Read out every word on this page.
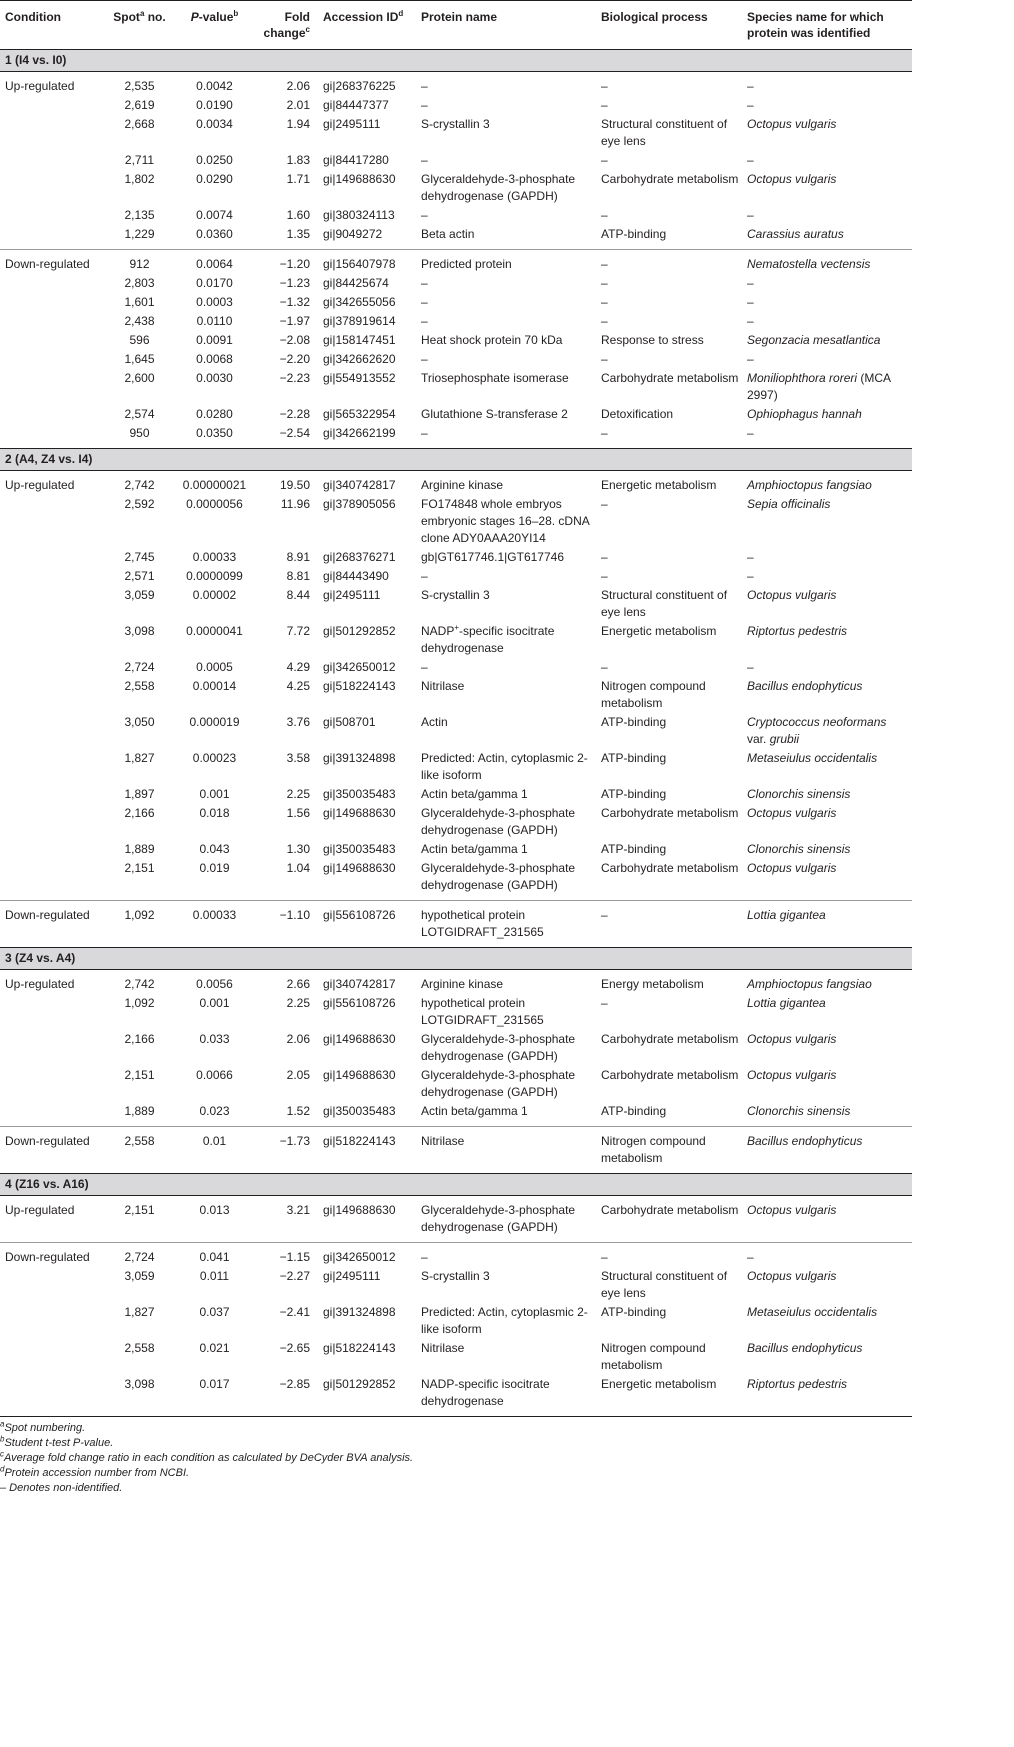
Condition	Spot$^a$ no.	P-value$^b$	Fold change$^c$	Accession $ID^d$	Protein name	Biological process	Species name for which protein was identified
1 (I4 vs. I0)							
Up-regulated	2,535	0.0042	2.06	gi|268376225	–	–	–
	2,619	0.0190	2.01	gi|84447377	–	–	–
	2,668	0.0034	1.94	gi|2495111	S-crystallin 3	Structural constituent of eye lens	Octopus vulgaris
	2,711	0.0250	1.83	gi|84417280	–	–	–
	1,802	0.0290	1.71	gi|149688630	Glyceraldehyde-3-phosphate dehydrogenase (GAPDH)	Carbohydrate metabolism	Octopus vulgaris
	2,135	0.0074	1.60	gi|380324113	–	–	–
	1,229	0.0360	1.35	gi|9049272	Beta actin	ATP-binding	Carassius auratus
Down-regulated	912	0.0064	−1.20	gi|156407978	Predicted protein	–	Nematostella vectensis
	2,803	0.0170	−1.23	gi|84425674	–	–	–
	1,601	0.0003	−1.32	gi|342655056	–	–	–
	2,438	0.0110	−1.97	gi|378919614	–	–	–
	596	0.0091	−2.08	gi|158147451	Heat shock protein 70 kDa	Response to stress	Segonzacia mesatlantica
	1,645	0.0068	−2.20	gi|342662620	–	–	–
	2,600	0.0030	−2.23	gi|554913552	Triosephosphate isomerase	Carbohydrate metabolism	Moniliophthora roreri (MCA 2997)
	2,574	0.0280	−2.28	gi|565322954	Glutathione S-transferase 2	Detoxification	Ophiophagus hannah
	950	0.0350	−2.54	gi|342662199	–	–	–
2 (A4, Z4 vs. I4)							
Up-regulated	2,742	0.00000021	19.50	gi|340742817	Arginine kinase	Energetic metabolism	Amphioctopus fangsiao
	2,592	0.0000056	11.96	gi|378905056	FO174848 whole embryos embryonic stages 16–28. cDNA clone ADY0AAA20YI14	–	Sepia officinalis
	2,745	0.00033	8.91	gi|268376271	gb|GT617746.1|GT617746	–	–
	2,571	0.0000099	8.81	gi|84443490	–	–	–
	3,059	0.00002	8.44	gi|2495111	S-crystallin 3	Structural constituent of eye lens	Octopus vulgaris
	3,098	0.0000041	7.72	gi|501292852	NADP+-specific isocitrate dehydrogenase	Energetic metabolism	Riptortus pedestris
	2,724	0.0005	4.29	gi|342650012	–	–	–
	2,558	0.00014	4.25	gi|518224143	Nitrilase	Nitrogen compound metabolism	Bacillus endophyticus
	3,050	0.000019	3.76	gi|508701	Actin	ATP-binding	Cryptococcus neoformans var. grubii
	1,827	0.00023	3.58	gi|391324898	Predicted: Actin, cytoplasmic 2-like isoform	ATP-binding	Metaseiulus occidentalis
	1,897	0.001	2.25	gi|350035483	Actin beta/gamma 1	ATP-binding	Clonorchis sinensis
	2,166	0.018	1.56	gi|149688630	Glyceraldehyde-3-phosphate dehydrogenase (GAPDH)	Carbohydrate metabolism	Octopus vulgaris
	1,889	0.043	1.30	gi|350035483	Actin beta/gamma 1	ATP-binding	Clonorchis sinensis
	2,151	0.019	1.04	gi|149688630	Glyceraldehyde-3-phosphate dehydrogenase (GAPDH)	Carbohydrate metabolism	Octopus vulgaris
Down-regulated	1,092	0.00033	−1.10	gi|556108726	hypothetical protein LOTGIDRAFT_231565	–	Lottia gigantea
3 (Z4 vs. A4)							
Up-regulated	2,742	0.0056	2.66	gi|340742817	Arginine kinase	Energy metabolism	Amphioctopus fangsiao
	1,092	0.001	2.25	gi|556108726	hypothetical protein LOTGIDRAFT_231565	–	Lottia gigantea
	2,166	0.033	2.06	gi|149688630	Glyceraldehyde-3-phosphate dehydrogenase (GAPDH)	Carbohydrate metabolism	Octopus vulgaris
	2,151	0.0066	2.05	gi|149688630	Glyceraldehyde-3-phosphate dehydrogenase (GAPDH)	Carbohydrate metabolism	Octopus vulgaris
	1,889	0.023	1.52	gi|350035483	Actin beta/gamma 1	ATP-binding	Clonorchis sinensis
Down-regulated	2,558	0.01	−1.73	gi|518224143	Nitrilase	Nitrogen compound metabolism	Bacillus endophyticus
4 (Z16 vs. A16)							
Up-regulated	2,151	0.013	3.21	gi|149688630	Glyceraldehyde-3-phosphate dehydrogenase (GAPDH)	Carbohydrate metabolism	Octopus vulgaris
Down-regulated	2,724	0.041	−1.15	gi|342650012	–	–	–
	3,059	0.011	−2.27	gi|2495111	S-crystallin 3	Structural constituent of eye lens	Octopus vulgaris
	1,827	0.037	−2.41	gi|391324898	Predicted: Actin, cytoplasmic 2-like isoform	ATP-binding	Metaseiulus occidentalis
	2,558	0.021	−2.65	gi|518224143	Nitrilase	Nitrogen compound metabolism	Bacillus endophyticus
	3,098	0.017	−2.85	gi|501292852	NADP-specific isocitrate dehydrogenase	Energetic metabolism	Riptortus pedestris
$^a$Spot numbering.
$^b$Student t-test P-value.
$^c$Average fold change ratio in each condition as calculated by DeCyder BVA analysis.
$^d$Protein accession number from NCBI.
– Denotes non-identified.
